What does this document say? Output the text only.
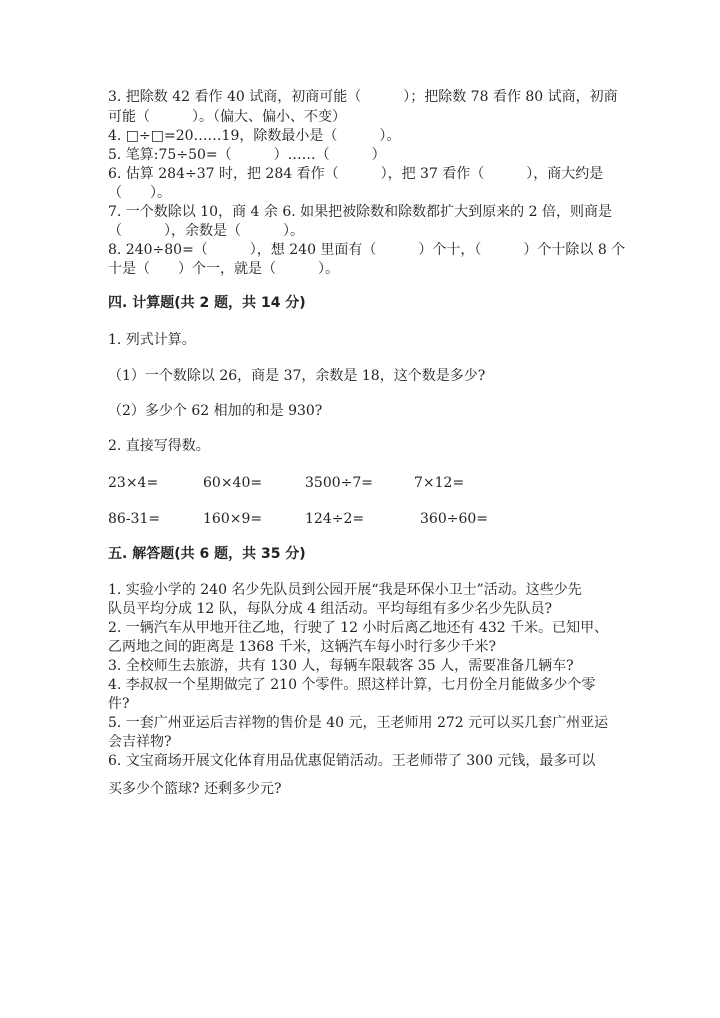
3. 把除数 42 看作 40 试商，初商可能（　　　）；把除数 78 看作 80 试商，初商
可能（　　　）。（偏大、偏小、不变）
4. □÷□=20……19，除数最小是（　　　）。
5. 笔算:75÷50=（　　　）……（　　　）
6. 估算 284÷37 时，把 284 看作（　　　），把 37 看作（　　　），商大约是
（　　）。
7. 一个数除以 10，商 4 余 6. 如果把被除数和除数都扩大到原来的 2 倍，则商是
（　　　），余数是（　　　）。
8. 240÷80=（　　　），想 240 里面有（　　　）个十，（　　　）个十除以 8 个
十是（　　）个一，就是（　　　）。
四. 计算题(共 2 题，共 14 分)
1. 列式计算。
（1）一个数除以 26，商是 37，余数是 18，这个数是多少?
（2）多少个 62 相加的和是 930?
2. 直接写得数。
23×4=	60×40=	3500÷7=	7×12=
86-31=	160×9=	124÷2=	360÷60=
五. 解答题(共 6 题，共 35 分)
1. 实验小学的 240 名少先队员到公园开展“我是环保小卫士”活动。这些少先
队员平均分成 12 队，每队分成 4 组活动。平均每组有多少名少先队员?
2. 一辆汽车从甲地开往乙地，行驶了 12 小时后离乙地还有 432 千米。已知甲、
乙两地之间的距离是 1368 千米，这辆汽车每小时行多少千米?
3. 全校师生去旅游，共有 130 人，每辆车限载客 35 人，需要准备几辆车?
4. 李叔叔一个星期做完了 210 个零件。照这样计算，七月份全月能做多少个零
件?
5. 一套广州亚运后吉祥物的售价是 40 元，王老师用 272 元可以买几套广州亚运
会吉祥物?
6. 文宝商场开展文化体育用品优惠促销活动。王老师带了 300 元钱，最多可以
买多少个篮球? 还剩多少元?
